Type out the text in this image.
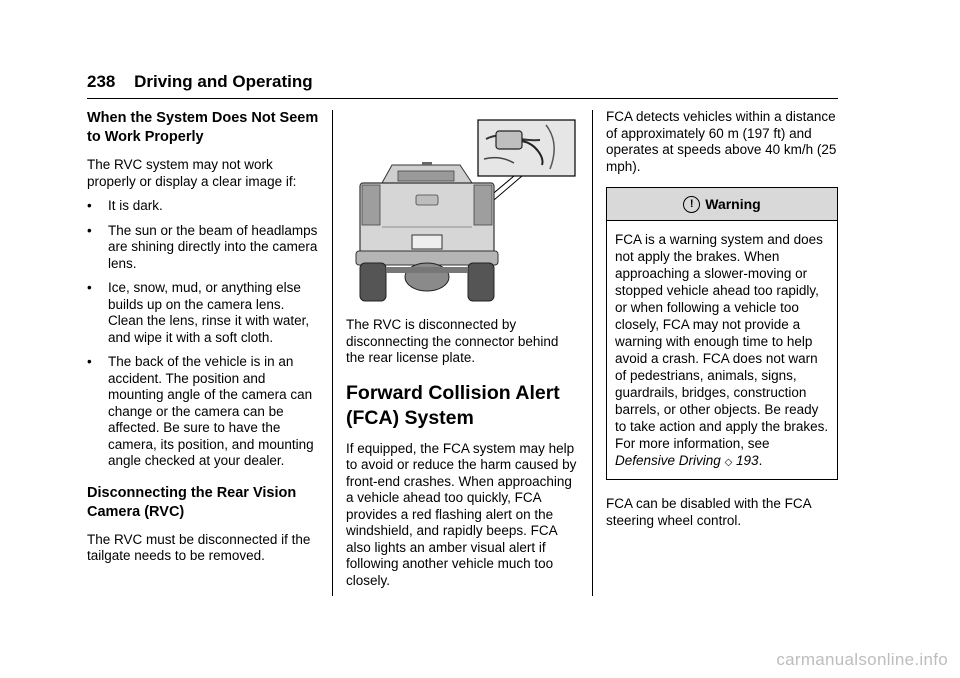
238 Driving and Operating
When the System Does Not Seem to Work Properly

The RVC system may not work properly or display a clear image if:

• It is dark.
• The sun or the beam of headlamps are shining directly into the camera lens.
• Ice, snow, mud, or anything else builds up on the camera lens. Clean the lens, rinse it with water, and wipe it with a soft cloth.
• The back of the vehicle is in an accident. The position and mounting angle of the camera can change or the camera can be affected. Be sure to have the camera, its position, and mounting angle checked at your dealer.
Disconnecting the Rear Vision Camera (RVC)

The RVC must be disconnected if the tailgate needs to be removed.

The RVC is disconnected by disconnecting the connector behind the rear license plate.

Forward Collision Alert (FCA) System

If equipped, the FCA system may help to avoid or reduce the harm caused by front-end crashes. When approaching a vehicle ahead too quickly, FCA provides a red flashing alert on the windshield, and rapidly beeps. FCA also lights an amber visual alert if following another vehicle much too closely.

FCA detects vehicles within a distance of approximately 60 m (197 ft) and operates at speeds above 40 km/h (25 mph).

! Warning
FCA is a warning system and does not apply the brakes. When approaching a slower-moving or stopped vehicle ahead too rapidly, or when following a vehicle too closely, FCA may not provide a warning with enough time to help avoid a crash. FCA does not warn of pedestrians, animals, signs, guardrails, bridges, construction barrels, or other objects. Be ready to take action and apply the brakes. For more information, see Defensive Driving ◇ 193.

FCA can be disabled with the FCA steering wheel control.

carmanualsonline.info
